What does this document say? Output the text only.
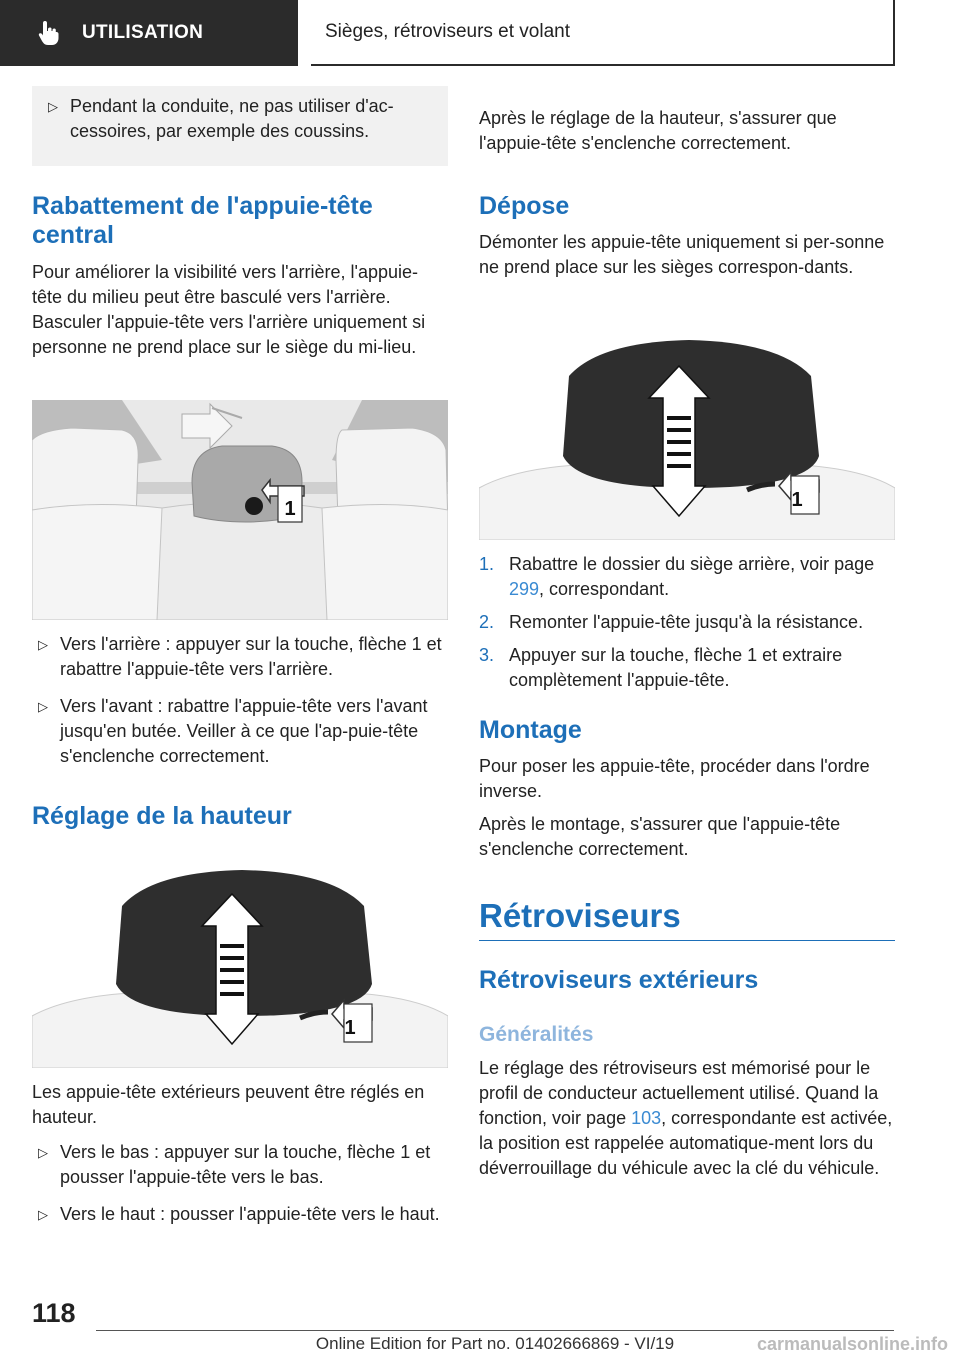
UTILISATION	Sièges, rétroviseurs et volant
▷ Pendant la conduite, ne pas utiliser d'accessoires, par exemple des coussins.
Rabattement de l'appuie-tête central
Pour améliorer la visibilité vers l'arrière, l'appuie-tête du milieu peut être basculé vers l'arrière. Basculer l'appuie-tête vers l'arrière uniquement si personne ne prend place sur le siège du mi-lieu.
1
▷ Vers l'arrière : appuyer sur la touche, flèche 1 et rabattre l'appuie-tête vers l'arrière.
▷ Vers l'avant : rabattre l'appuie-tête vers l'avant jusqu'en butée. Veiller à ce que l'ap-puie-tête s'enclenche correctement.
Réglage de la hauteur
1
Les appuie-tête extérieurs peuvent être réglés en hauteur.
▷ Vers le bas : appuyer sur la touche, flèche 1 et pousser l'appuie-tête vers le bas.
▷ Vers le haut : pousser l'appuie-tête vers le haut.
Après le réglage de la hauteur, s'assurer que l'appuie-tête s'enclenche correctement.
Dépose
Démonter les appuie-tête uniquement si per-sonne ne prend place sur les sièges correspon-dants.
1
1. Rabattre le dossier du siège arrière, voir page 299, correspondant.
2. Remonter l'appuie-tête jusqu'à la résistance.
3. Appuyer sur la touche, flèche 1 et extraire complètement l'appuie-tête.
Montage
Pour poser les appuie-tête, procéder dans l'ordre inverse.
Après le montage, s'assurer que l'appuie-tête s'enclenche correctement.
Rétroviseurs
Rétroviseurs extérieurs
Généralités
Le réglage des rétroviseurs est mémorisé pour le profil de conducteur actuellement utilisé. Quand la fonction, voir page 103, correspondante est activée, la position est rappelée automatique-ment lors du déverrouillage du véhicule avec la clé du véhicule.
118
Online Edition for Part no. 01402666869 - VI/19	carmanualsonline.info
